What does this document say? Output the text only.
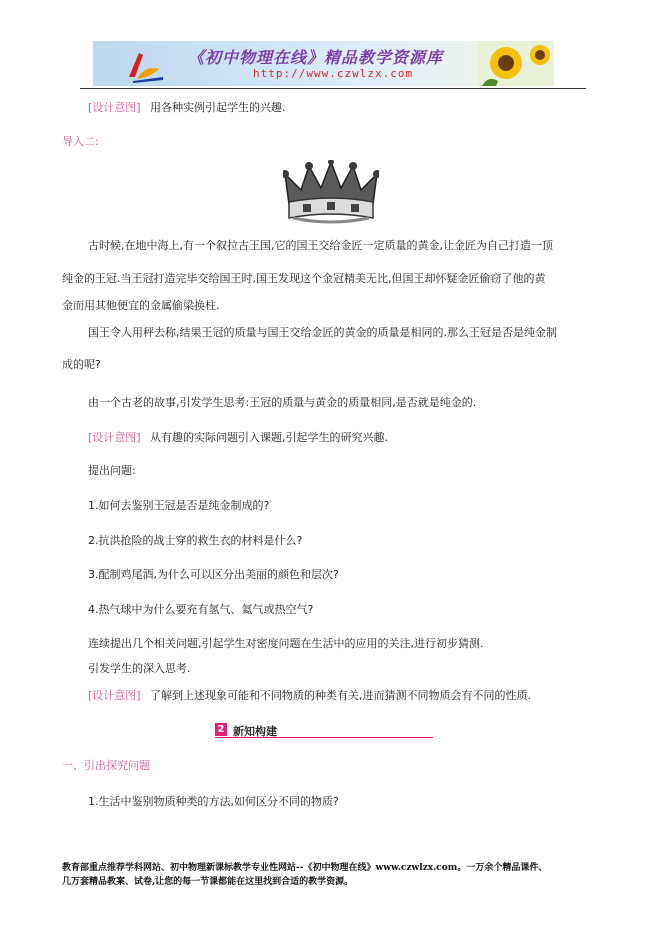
《初中物理在线》精品教学资源库
http://www.czwlzx.com
[设计意图] 用各种实例引起学生的兴趣.
导入二:
古时候,在地中海上,有一个叙拉古王国,它的国王交给金匠一定质量的黄金,让金匠为自己打造一顶
纯金的王冠.当王冠打造完毕交给国王时,国王发现这个金冠精美无比,但国王却怀疑金匠偷窃了他的黄
金而用其他便宜的金属偷梁换柱.
国王令人用秤去称,结果王冠的质量与国王交给金匠的黄金的质量是相同的.那么王冠是否是纯金制
成的呢?
由一个古老的故事,引发学生思考:王冠的质量与黄金的质量相同,是否就是纯金的.
[设计意图] 从有趣的实际问题引入课题,引起学生的研究兴趣.
提出问题:
1.如何去鉴别王冠是否是纯金制成的?
2.抗洪抢险的战士穿的救生衣的材料是什么?
3.配制鸡尾酒,为什么可以区分出美丽的颜色和层次?
4.热气球中为什么要充有氢气、氦气或热空气?
连续提出几个相关问题,引起学生对密度问题在生活中的应用的关注,进行初步猜测.
引发学生的深入思考.
[设计意图] 了解到上述现象可能和不同物质的种类有关,进而猜测不同物质会有不同的性质.
2 新知构建
一、引出探究问题
1.生活中鉴别物质种类的方法,如何区分不同的物质?
教育部重点推荐学科网站、初中物理新课标教学专业性网站--《初中物理在线》www.czwlzx.com。一万余个精品课件、
几万套精品教案、试卷,让您的每一节课都能在这里找到合适的教学资源。
